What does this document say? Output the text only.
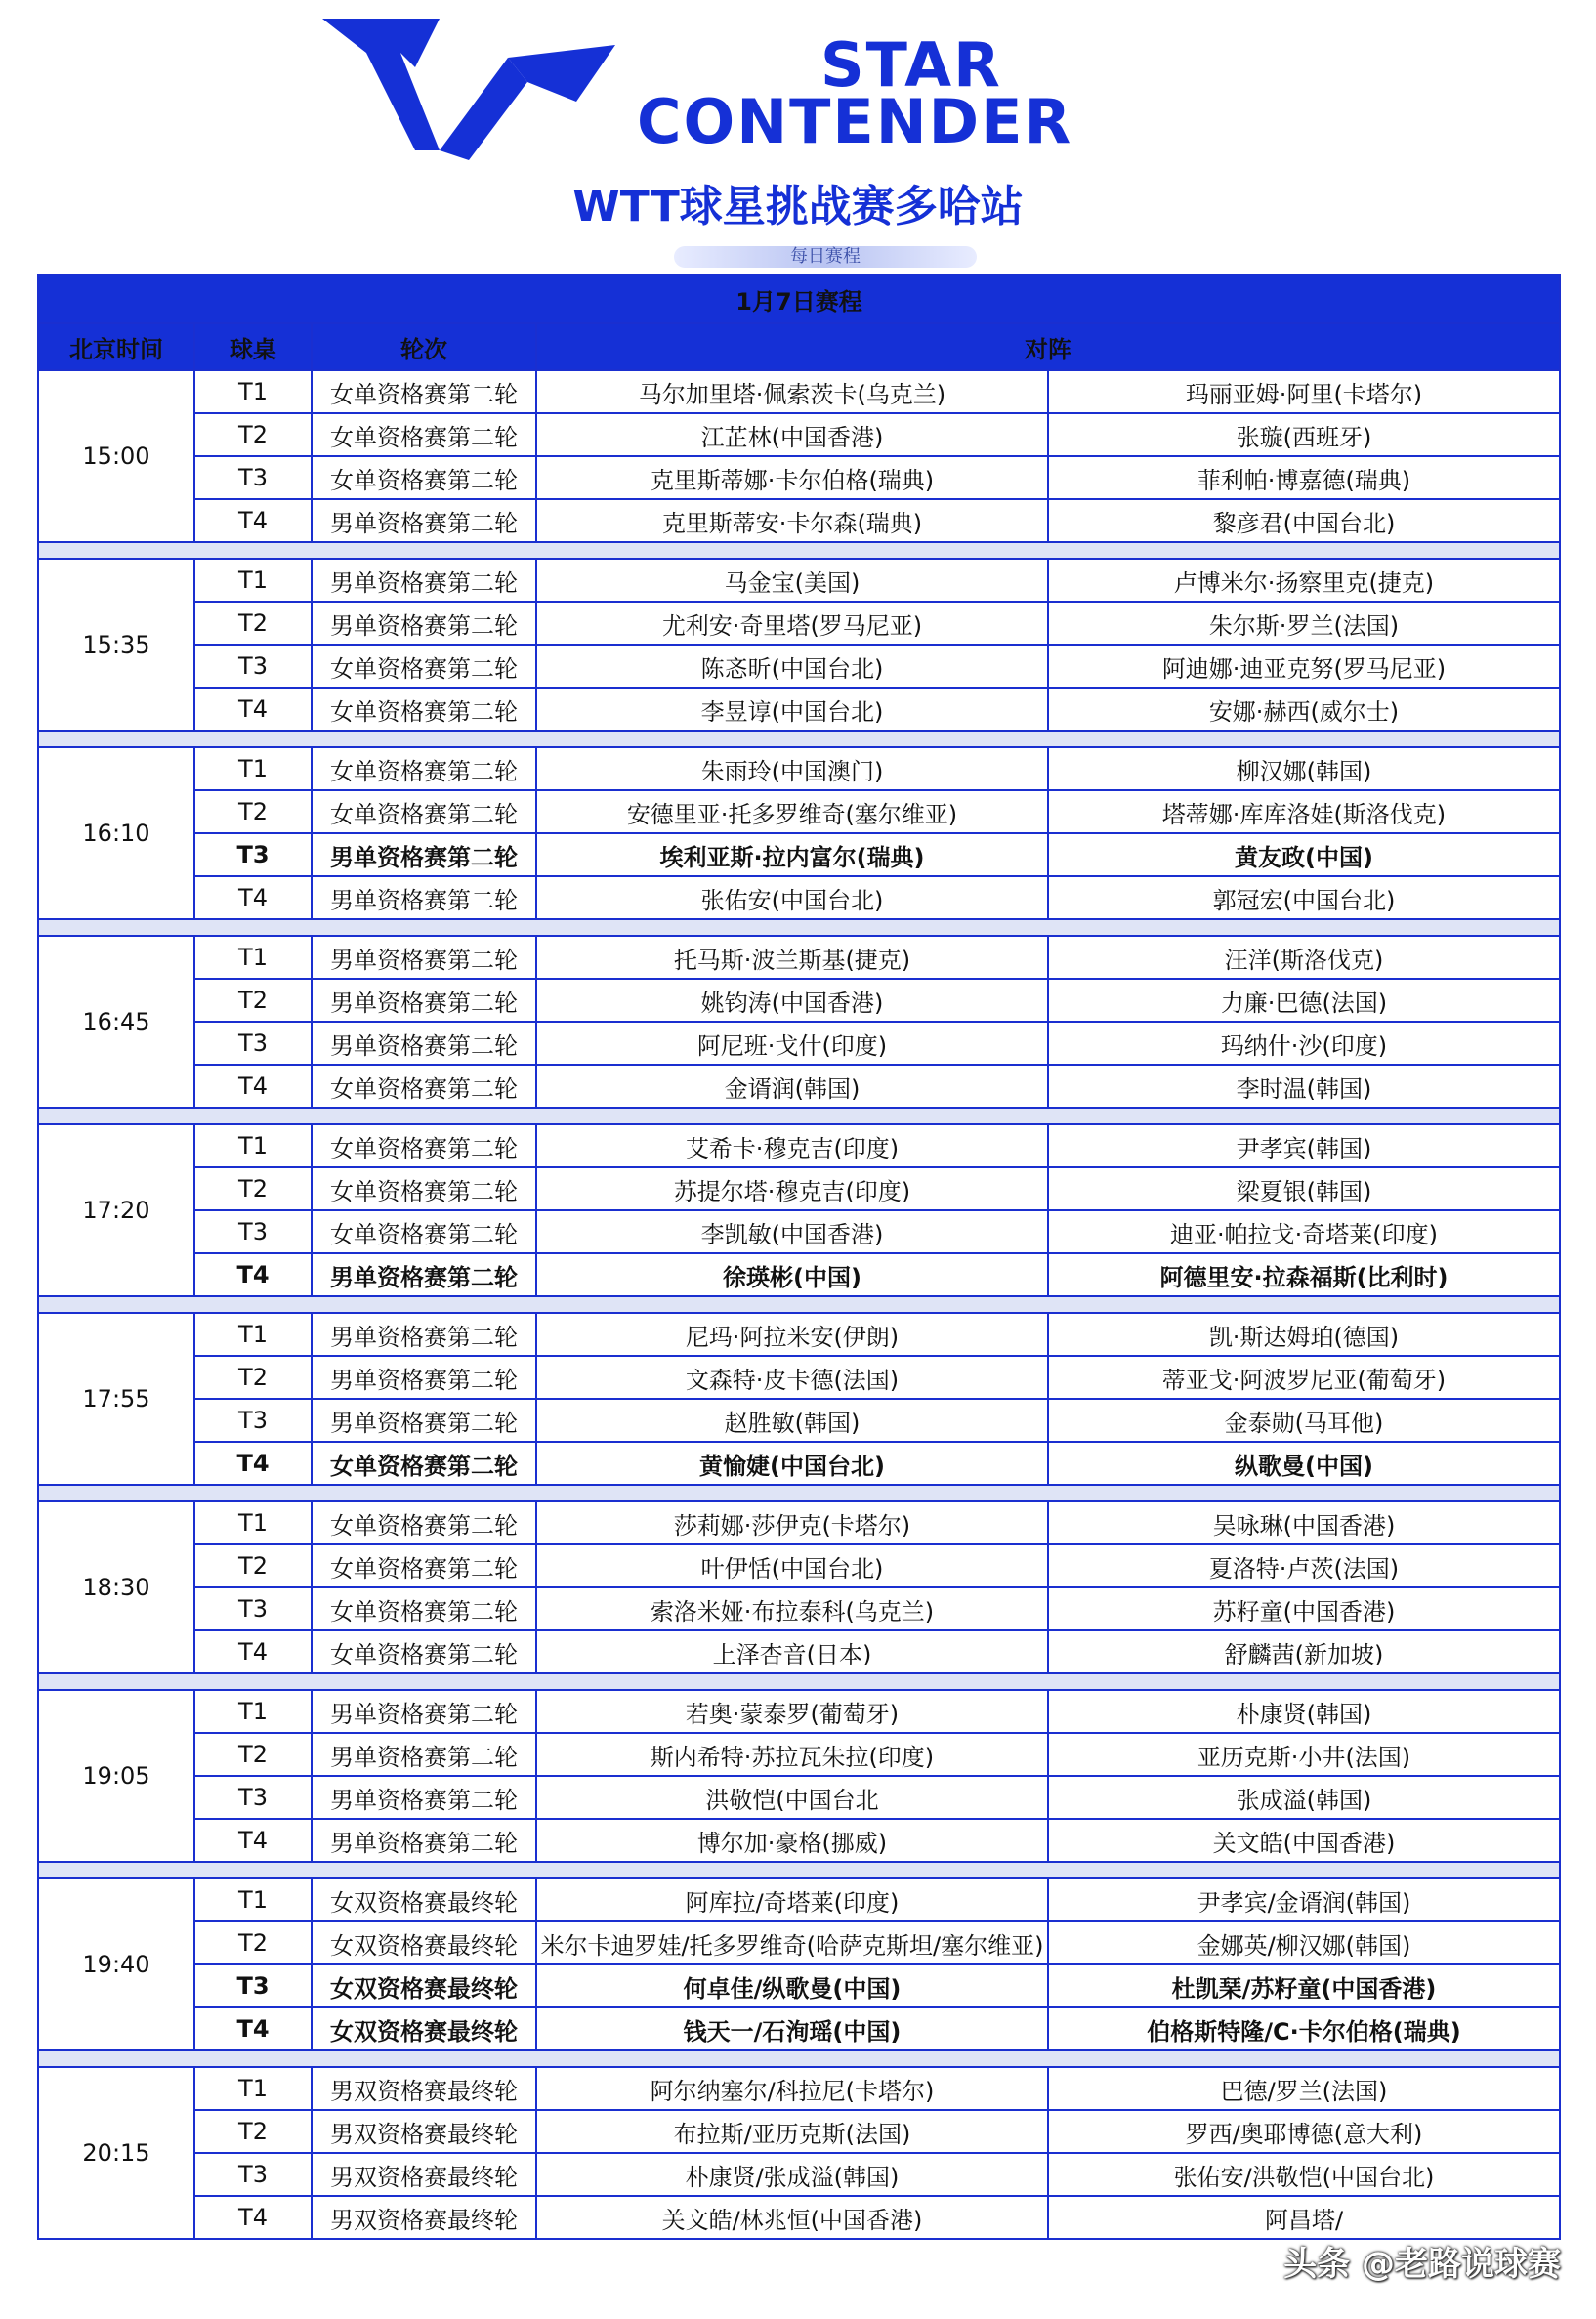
STAR
CONTENDER
WTT球星挑战赛多哈站
每日赛程
1月7日赛程				
北京时间	球桌	轮次	对阵	
15:00	T1	女单资格赛第二轮	马尔加里塔·佩索茨卡(乌克兰)	玛丽亚姆·阿里(卡塔尔)
	T2	女单资格赛第二轮	江芷林(中国香港)	张璇(西班牙)
	T3	女单资格赛第二轮	克里斯蒂娜·卡尔伯格(瑞典)	菲利帕·博嘉德(瑞典)
	T4	男单资格赛第二轮	克里斯蒂安·卡尔森(瑞典)	黎彦君(中国台北)

15:35	T1	男单资格赛第二轮	马金宝(美国)	卢博米尔·扬察里克(捷克)
	T2	男单资格赛第二轮	尤利安·奇里塔(罗马尼亚)	朱尔斯·罗兰(法国)
	T3	女单资格赛第二轮	陈忞昕(中国台北)	阿迪娜·迪亚克努(罗马尼亚)
	T4	女单资格赛第二轮	李昱谆(中国台北)	安娜·赫西(威尔士)

16:10	T1	女单资格赛第二轮	朱雨玲(中国澳门)	柳汉娜(韩国)
	T2	女单资格赛第二轮	安德里亚·托多罗维奇(塞尔维亚)	塔蒂娜·库库洛娃(斯洛伐克)
	T3	男单资格赛第二轮	埃利亚斯·拉内富尔(瑞典)	黄友政(中国)
	T4	男单资格赛第二轮	张佑安(中国台北)	郭冠宏(中国台北)

16:45	T1	男单资格赛第二轮	托马斯·波兰斯基(捷克)	汪洋(斯洛伐克)
	T2	男单资格赛第二轮	姚钧涛(中国香港)	力廉·巴德(法国)
	T3	男单资格赛第二轮	阿尼班·戈什(印度)	玛纳什·沙(印度)
	T4	女单资格赛第二轮	金谞润(韩国)	李时温(韩国)

17:20	T1	女单资格赛第二轮	艾希卡·穆克吉(印度)	尹孝宾(韩国)
	T2	女单资格赛第二轮	苏提尔塔·穆克吉(印度)	梁夏银(韩国)
	T3	女单资格赛第二轮	李凯敏(中国香港)	迪亚·帕拉戈·奇塔莱(印度)
	T4	男单资格赛第二轮	徐瑛彬(中国)	阿德里安·拉森福斯(比利时)

17:55	T1	男单资格赛第二轮	尼玛·阿拉米安(伊朗)	凯·斯达姆珀(德国)
	T2	男单资格赛第二轮	文森特·皮卡德(法国)	蒂亚戈·阿波罗尼亚(葡萄牙)
	T3	男单资格赛第二轮	赵胜敏(韩国)	金泰勋(马耳他)
	T4	女单资格赛第二轮	黄愉婕(中国台北)	纵歌曼(中国)

18:30	T1	女单资格赛第二轮	莎莉娜·莎伊克(卡塔尔)	吴咏琳(中国香港)
	T2	女单资格赛第二轮	叶伊恬(中国台北)	夏洛特·卢茨(法国)
	T3	女单资格赛第二轮	索洛米娅·布拉泰科(乌克兰)	苏籽童(中国香港)
	T4	女单资格赛第二轮	上泽杏音(日本)	舒麟茜(新加坡)

19:05	T1	男单资格赛第二轮	若奥·蒙泰罗(葡萄牙)	朴康贤(韩国)
	T2	男单资格赛第二轮	斯内希特·苏拉瓦朱拉(印度)	亚历克斯·小井(法国)
	T3	男单资格赛第二轮	洪敬恺(中国台北	张成溢(韩国)
	T4	男单资格赛第二轮	博尔加·豪格(挪威)	关文皓(中国香港)

19:40	T1	女双资格赛最终轮	阿库拉/奇塔莱(印度)	尹孝宾/金谞润(韩国)
	T2	女双资格赛最终轮	米尔卡迪罗娃/托多罗维奇(哈萨克斯坦/塞尔维亚)	金娜英/柳汉娜(韩国)
	T3	女双资格赛最终轮	何卓佳/纵歌曼(中国)	杜凯琹/苏籽童(中国香港)
	T4	女双资格赛最终轮	钱天一/石洵瑶(中国)	伯格斯特隆/C·卡尔伯格(瑞典)

20:15	T1	男双资格赛最终轮	阿尔纳塞尔/科拉尼(卡塔尔)	巴德/罗兰(法国)
	T2	男双资格赛最终轮	布拉斯/亚历克斯(法国)	罗西/奥耶博德(意大利)
	T3	男双资格赛最终轮	朴康贤/张成溢(韩国)	张佑安/洪敬恺(中国台北)
	T4	男双资格赛最终轮	关文皓/林兆恒(中国香港)	阿昌塔/
头条 @老路说球赛
